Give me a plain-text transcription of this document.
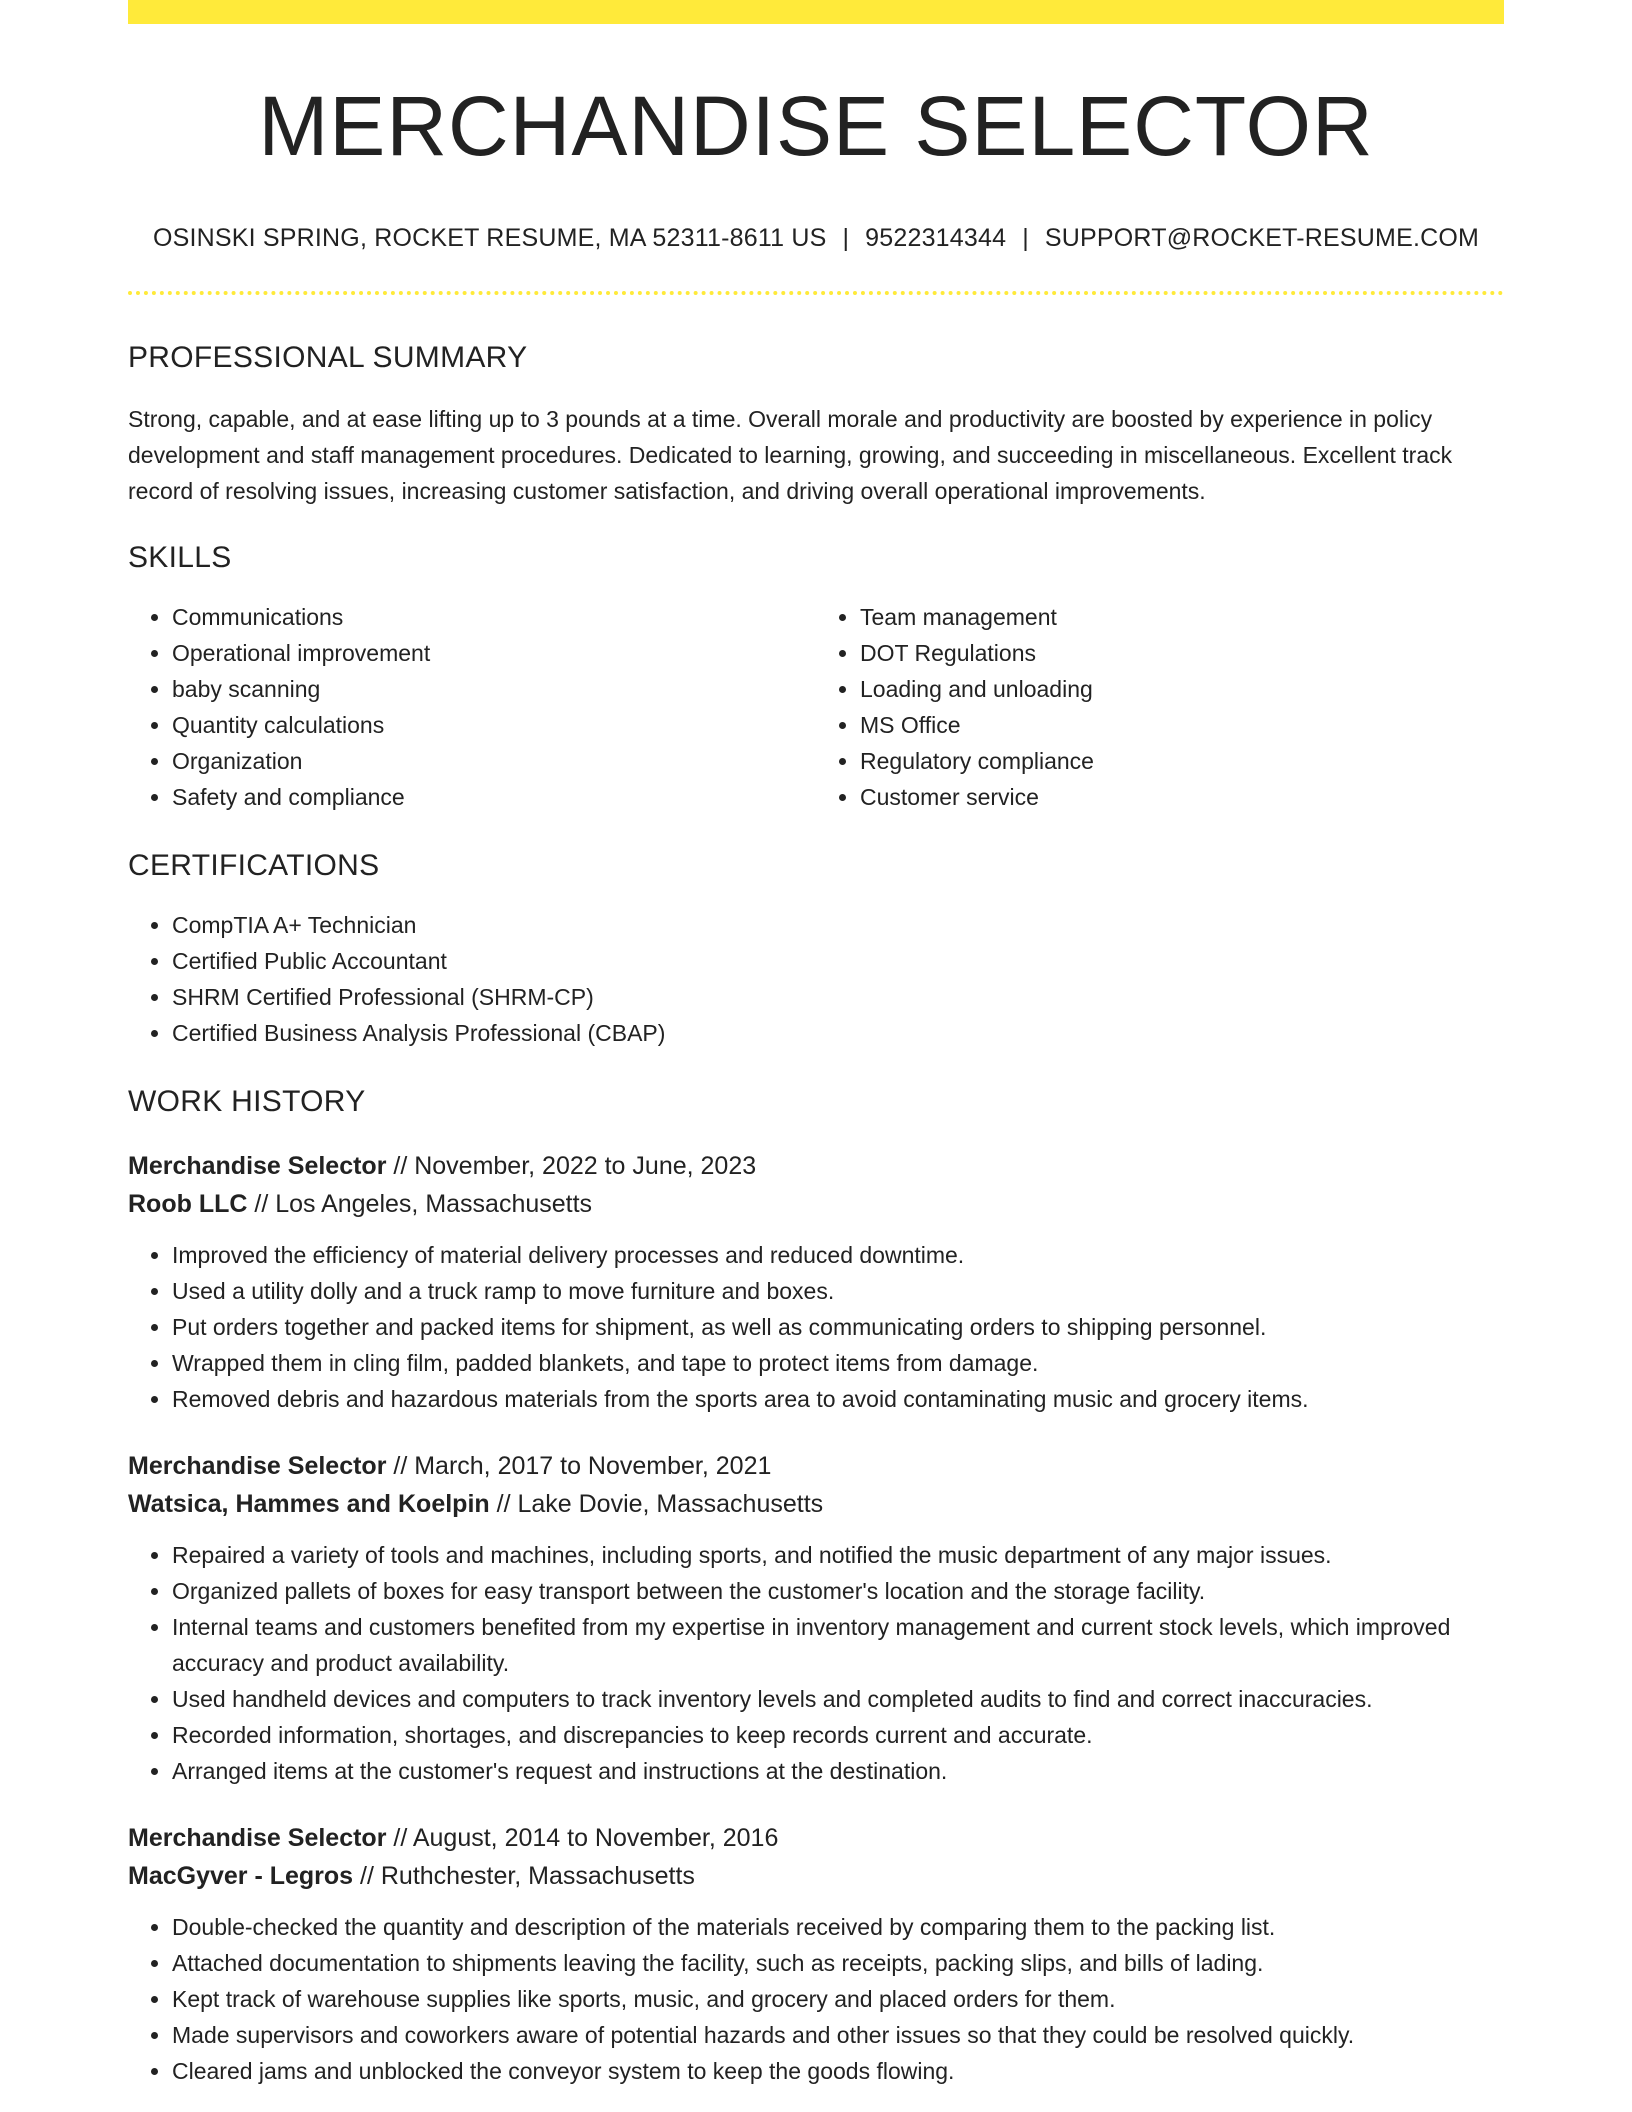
MERCHANDISE SELECTOR
OSINSKI SPRING, ROCKET RESUME, MA 52311-8611 US | 9522314344 | SUPPORT@ROCKET-RESUME.COM
PROFESSIONAL SUMMARY

Strong, capable, and at ease lifting up to 3 pounds at a time. Overall morale and productivity are boosted by experience in policy development and staff management procedures. Dedicated to learning, growing, and succeeding in miscellaneous. Excellent track record of resolving issues, increasing customer satisfaction, and driving overall operational improvements.

SKILLS
• Communications
• Operational improvement
• baby scanning
• Quantity calculations
• Organization
• Safety and compliance
• Team management
• DOT Regulations
• Loading and unloading
• MS Office
• Regulatory compliance
• Customer service
CERTIFICATIONS
• CompTIA A+ Technician
• Certified Public Accountant
• SHRM Certified Professional (SHRM-CP)
• Certified Business Analysis Professional (CBAP)
WORK HISTORY
Merchandise Selector // November, 2022 to June, 2023
Roob LLC // Los Angeles, Massachusetts
• Improved the efficiency of material delivery processes and reduced downtime.
• Used a utility dolly and a truck ramp to move furniture and boxes.
• Put orders together and packed items for shipment, as well as communicating orders to shipping personnel.
• Wrapped them in cling film, padded blankets, and tape to protect items from damage.
• Removed debris and hazardous materials from the sports area to avoid contaminating music and grocery items.
Merchandise Selector // March, 2017 to November, 2021
Watsica, Hammes and Koelpin // Lake Dovie, Massachusetts
• Repaired a variety of tools and machines, including sports, and notified the music department of any major issues.
• Organized pallets of boxes for easy transport between the customer's location and the storage facility.
• Internal teams and customers benefited from my expertise in inventory management and current stock levels, which improved accuracy and product availability.
• Used handheld devices and computers to track inventory levels and completed audits to find and correct inaccuracies.
• Recorded information, shortages, and discrepancies to keep records current and accurate.
• Arranged items at the customer's request and instructions at the destination.
Merchandise Selector // August, 2014 to November, 2016
MacGyver - Legros // Ruthchester, Massachusetts
• Double-checked the quantity and description of the materials received by comparing them to the packing list.
• Attached documentation to shipments leaving the facility, such as receipts, packing slips, and bills of lading.
• Kept track of warehouse supplies like sports, music, and grocery and placed orders for them.
• Made supervisors and coworkers aware of potential hazards and other issues so that they could be resolved quickly.
• Cleared jams and unblocked the conveyor system to keep the goods flowing.
